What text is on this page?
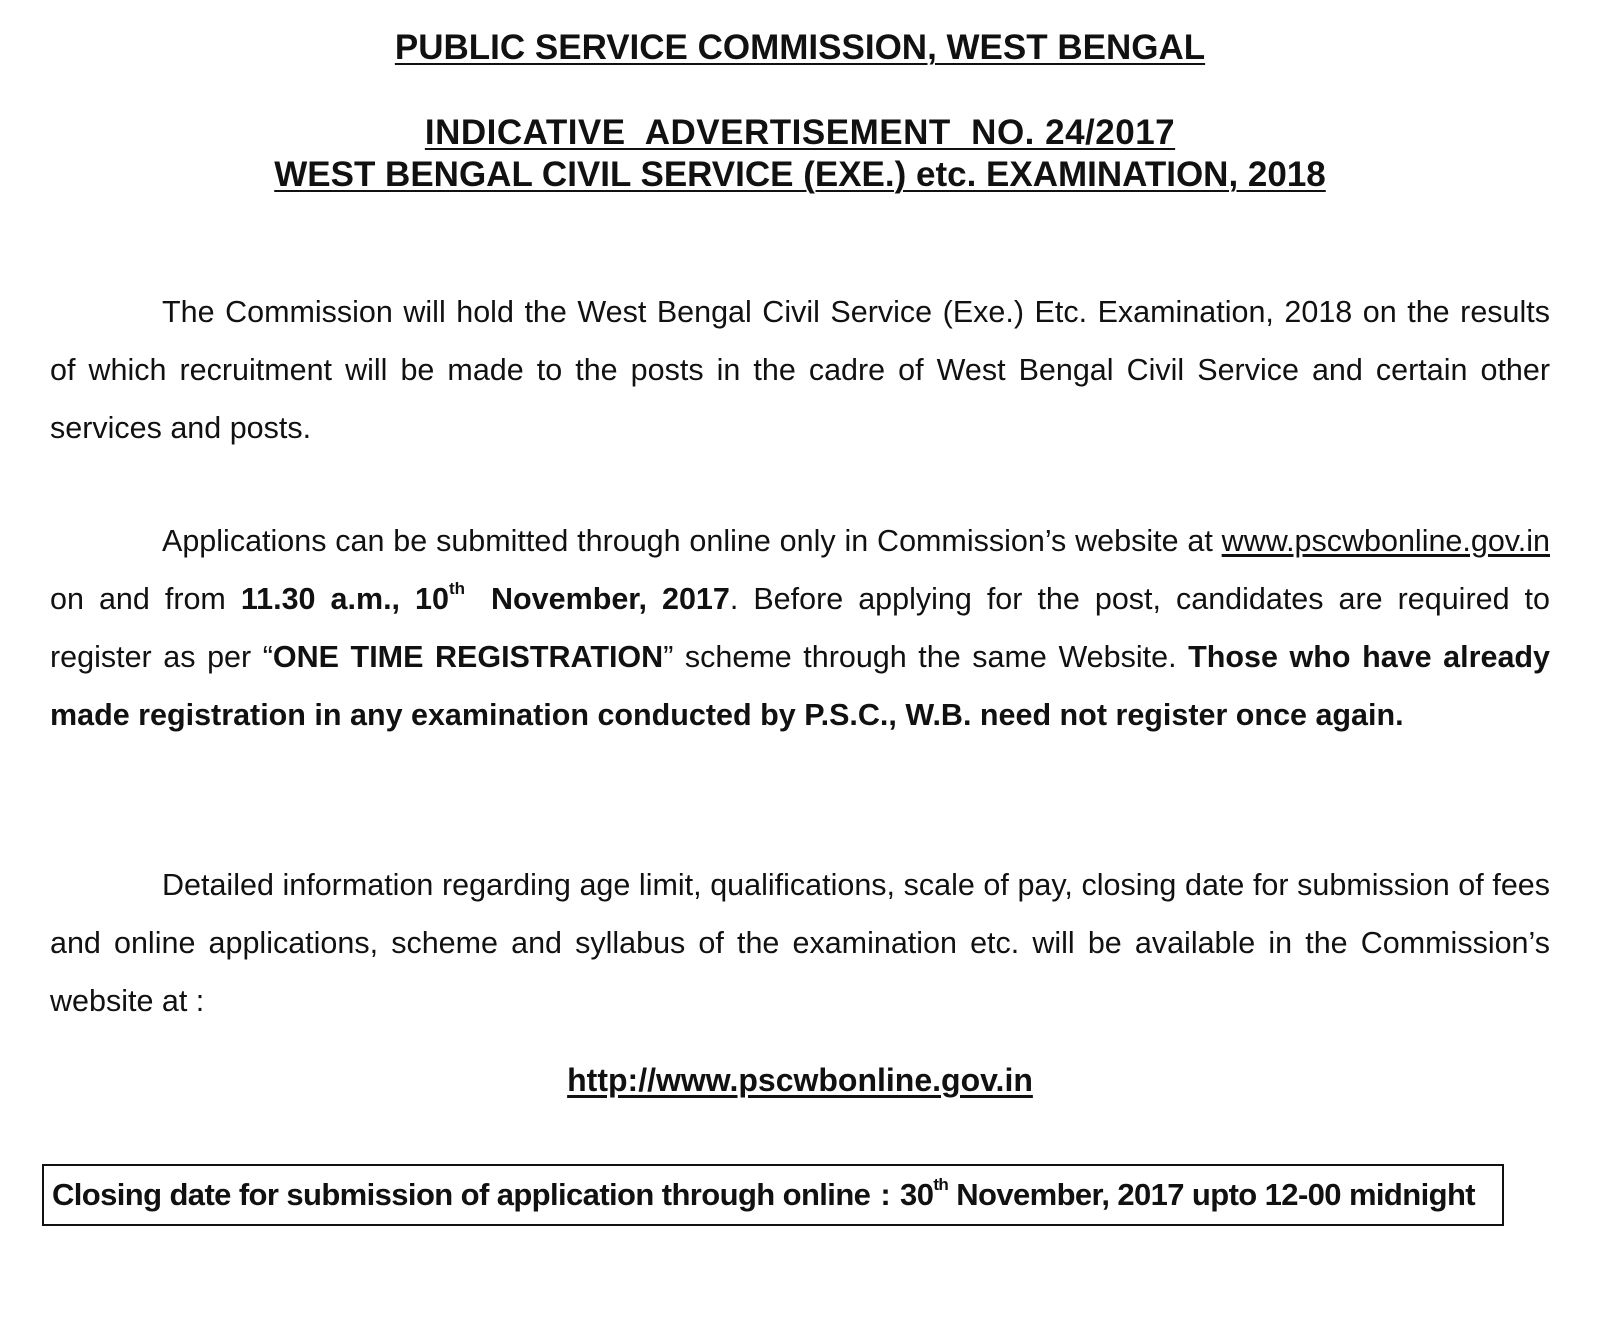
PUBLIC SERVICE COMMISSION, WEST BENGAL
INDICATIVE  ADVERTISEMENT  NO. 24/2017
WEST BENGAL CIVIL SERVICE (EXE.) etc. EXAMINATION, 2018

The Commission will hold the West Bengal Civil Service (Exe.) Etc. Examination, 2018 on the results of which recruitment will be made to the posts in the cadre of West Bengal Civil Service and certain other services and posts.

Applications can be submitted through online only in Commission’s website at www.pscwbonline.gov.in on and from 11.30 a.m., 10th November, 2017. Before applying for the post, candidates are required to register as per “ONE TIME REGISTRATION” scheme through the same Website. Those who have already made registration in any examination conducted by P.S.C., W.B. need not register once again.

Detailed information regarding age limit, qualifications, scale of pay, closing date for submission of fees and online applications, scheme and syllabus of the examination etc. will be available in the Commission’s website at :

http://www.pscwbonline.gov.in
Closing date for submission of application through online : 30th November, 2017 upto 12-00 midnight
